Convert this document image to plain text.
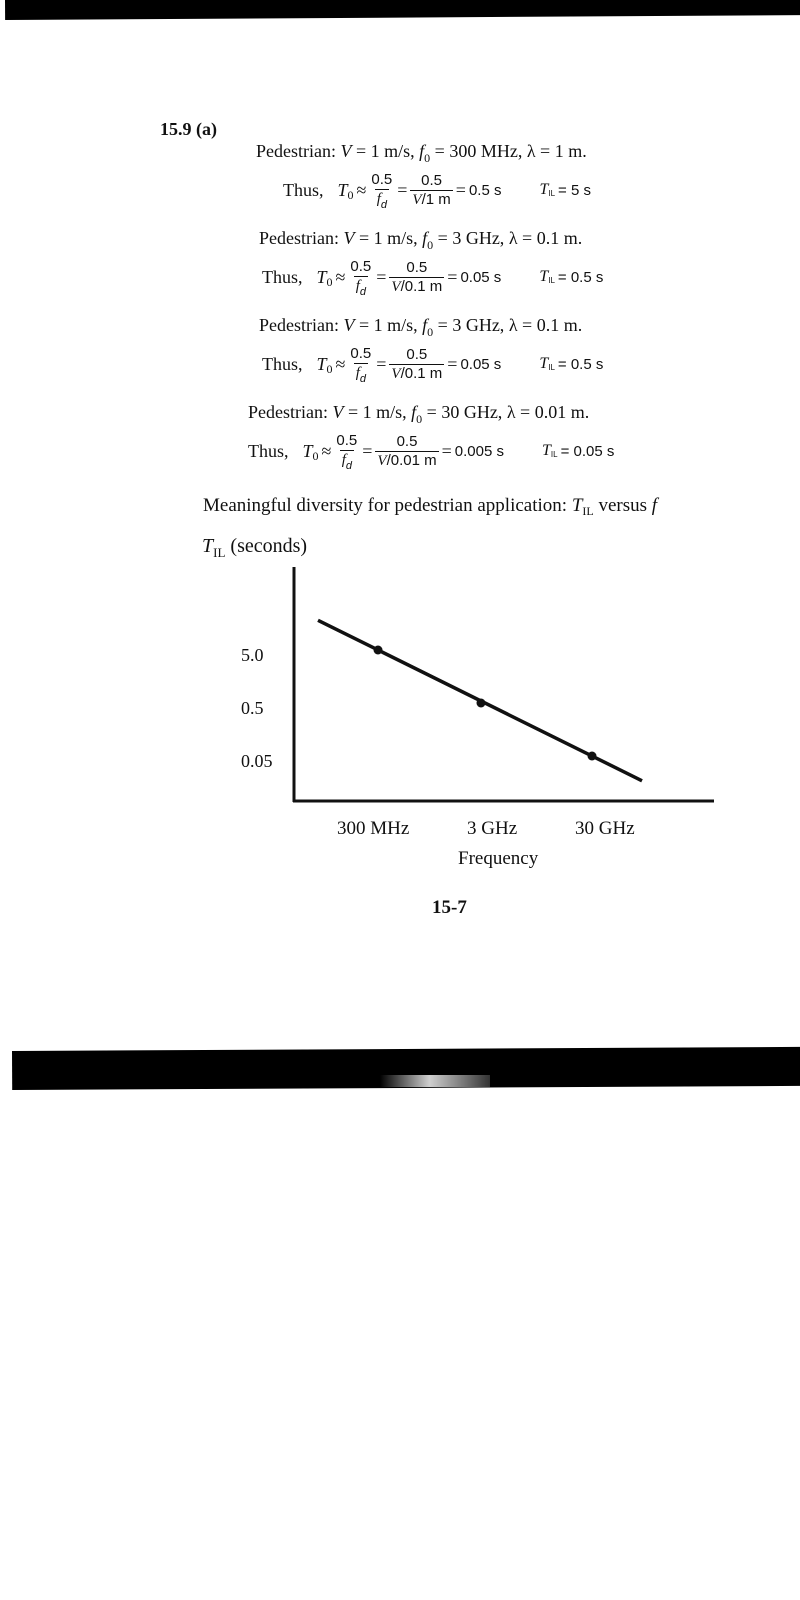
15.9 (a)
Pedestrian: V = 1 m/s, $f_0 = 300$ MHz, λ = 1 m.
Thus, T $0 \approx \frac{0.5}{f_d} = \frac{0.5}{V/1 m} = 0.5$ s T IL = 5 s
Pedestrian: V = 1 m/s, $f_0 = 3$ GHz, λ = 0.1 m.
Thus, T $0 \approx \frac{0.5}{f_d} = \frac{0.5}{V/0.1 m} = 0.05$ s T IL = 0.5 s
Pedestrian: V = 1 m/s, $f_0 = 3$ GHz, λ = 0.1 m.
Thus, T $0 \approx \frac{0.5}{f_d} = \frac{0.5}{V/0.1 m} = 0.05$ s T IL = 0.5 s
Pedestrian: V = 1 m/s, $f_0 = 30$ GHz, λ = 0.01 m.
Thus, T $0 \approx \frac{0.5}{f_d} = \frac{0.5}{V/0.01 m} = 0.005$ s T IL = 0.05 s
Meaningful diversity for pedestrian application: $T_{IL}$ versus f
$T_{IL}$ (seconds)
5.0
0.5
0.05
300 MHz	3 GHz	30 GHz
Frequency
15-7
